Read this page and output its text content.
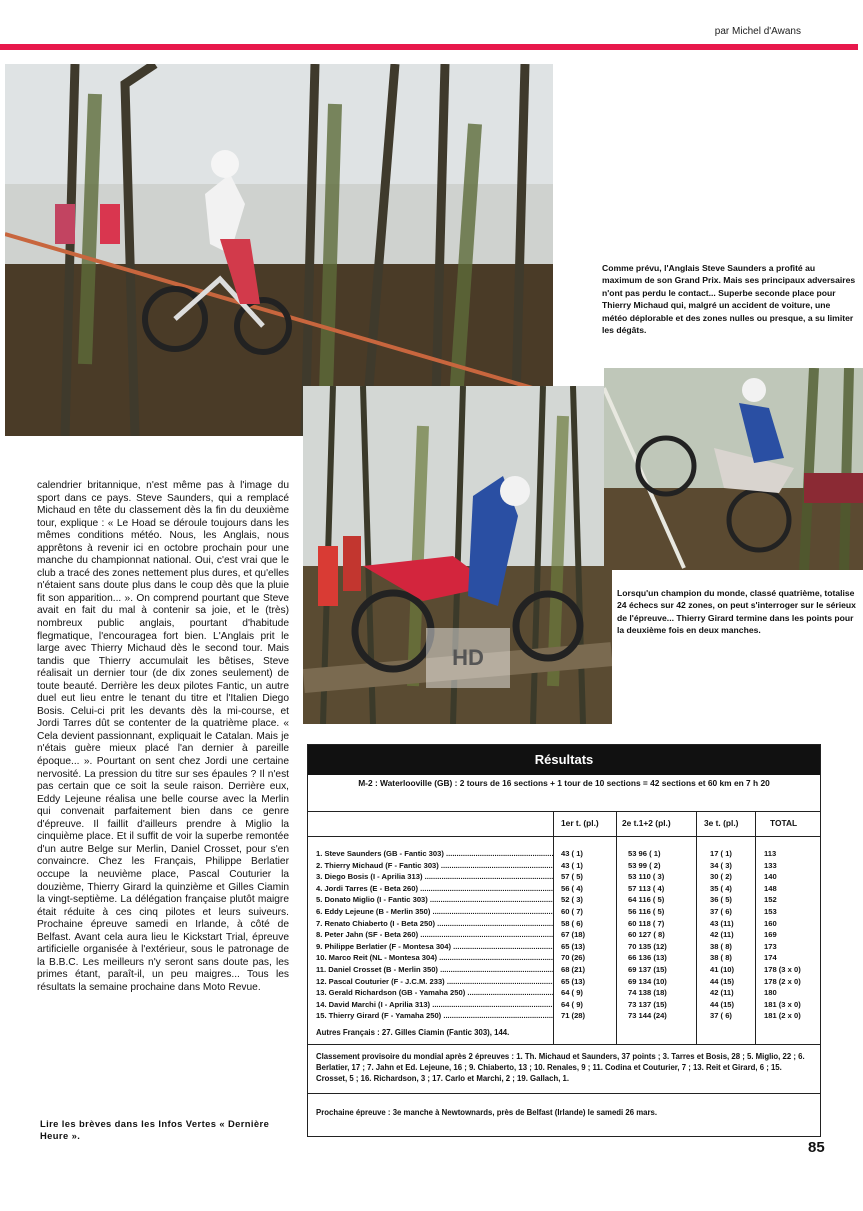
par Michel d'Awans
Comme prévu, l'Anglais Steve Saunders a profité au maximum de son Grand Prix. Mais ses principaux adversaires n'ont pas perdu le contact... Superbe seconde place pour Thierry Michaud qui, malgré un accident de voiture, une météo déplorable et des zones nulles ou presque, a su limiter les dégâts.
HD
Lorsqu'un champion du monde, classé quatrième, totalise 24 échecs sur 42 zones, on peut s'interroger sur le sérieux de l'épreuve... Thierry Girard termine dans les points pour la deuxième fois en deux manches.

calendrier britannique, n'est même pas à l'image du sport dans ce pays. Steve Saunders, qui a remplacé Michaud en tête du classement dès la fin du deuxième tour, explique : « Le Hoad se déroule toujours dans les mêmes conditions météo. Nous, les Anglais, nous apprêtons à revenir ici en octobre prochain pour une manche du championnat national. Oui, c'est vrai que le club a tracé des zones nettement plus dures, et qu'elles n'étaient sans doute plus dans le coup dès que la pluie fit son apparition... ». On comprend pourtant que Steve avait en fait du mal à contenir sa joie, et le (très) nombreux public anglais, pourtant d'habitude flegmatique, l'encouragea fort bien. L'Anglais prit le large avec Thierry Michaud dès le second tour. Mais tandis que Thierry accumulait les bêtises, Steve réalisait un dernier tour (de dix zones seulement) de toute beauté. Derrière les deux pilotes Fantic, un autre duel eut lieu entre le tenant du titre et l'Italien Diego Bosis. Celui-ci prit les devants dès la mi-course, et Jordi Tarres dût se contenter de la quatrième place. « Cela devient passionnant, expliquait le Catalan. Mais je n'étais guère mieux placé l'an dernier à pareille époque... ». Pourtant on sent chez Jordi une certaine nervosité. La pression du titre sur ses épaules ? Il n'est pas certain que ce soit la seule raison. Derrière eux, Eddy Lejeune réalisa une belle course avec la Merlin qui convenait parfaitement bien dans ce genre d'épreuve. Il faillit d'ailleurs prendre à Miglio la cinquième place. Et il suffit de voir la superbe remontée d'un autre Belge sur Merlin, Daniel Crosset, pour s'en convaincre. Chez les Français, Philippe Berlatier occupe la neuvième place, Pascal Couturier la douzième, Thierry Girard la quinzième et Gilles Ciamin la vingt-septième. La délégation française plutôt maigre était réduite à ces cinq pilotes et leurs suiveurs. Prochaine épreuve samedi en Irlande, à côté de Belfast. Avant cela aura lieu le Kickstart Trial, épreuve artificielle organisée à l'extérieur, sous le patronage de la B.B.C. Les meilleurs n'y seront sans doute pas, les primes étant, paraît-il, un peu maigres... Tous les résultats la semaine prochaine dans Moto Revue.

Lire les brèves dans les Infos Vertes « Dernière Heure ».
Résultats
M-2 : Waterlooville (GB) : 2 tours de 16 sections + 1 tour de 10 sections = 42 sections et 60 km en 7 h 20
1er t. (pl.)	2e t.1+2 (pl.)	3e t. (pl.)	TOTAL
1. Steve Saunders (GB - Fantic 303) .....	43 ( 1)	53 96 ( 1)	17 ( 1)	113
2. Thierry Michaud (F - Fantic 303) .....	43 ( 1)	53 99 ( 2)	34 ( 3)	133
3. Diego Bosis (I - Aprilia 313) .....	57 ( 5)	53 110 ( 3)	30 ( 2)	140
4. Jordi Tarres (E - Beta 260) .....	56 ( 4)	57 113 ( 4)	35 ( 4)	148
5. Donato Miglio (I - Fantic 303) .....	52 ( 3)	64 116 ( 5)	36 ( 5)	152
6. Eddy Lejeune (B - Merlin 350) .....	60 ( 7)	56 116 ( 5)	37 ( 6)	153
7. Renato Chiaberto (I - Beta 250) .....	58 ( 6)	60 118 ( 7)	43 (11)	160
8. Peter Jahn (SF - Beta 260) .....	67 (18)	60 127 ( 8)	42 (11)	169
9. Philippe Berlatier (F - Montesa 304) .....	65 (13)	70 135 (12)	38 ( 8)	173
10. Marco Reit (NL - Montesa 304) .....	70 (26)	66 136 (13)	38 ( 8)	174
11. Daniel Crosset (B - Merlin 350) .....	68 (21)	69 137 (15)	41 (10)	178 (3 x 0)
12. Pascal Couturier (F - J.C.M. 233) .....	65 (13)	69 134 (10)	44 (15)	178 (2 x 0)
13. Gerald Richardson (GB - Yamaha 250) .....	64 ( 9)	74 138 (18)	42 (11)	180
14. David Marchi (I - Aprilia 313) .....	64 ( 9)	73 137 (15)	44 (15)	181 (3 x 0)
15. Thierry Girard (F - Yamaha 250) .....	71 (28)	73 144 (24)	37 ( 6)	181 (2 x 0)
Autres Français : 27. Gilles Ciamin (Fantic 303), 144.
Classement provisoire du mondial après 2 épreuves : 1. Th. Michaud et Saunders, 37 points ; 3. Tarres et Bosis, 28 ; 5. Miglio, 22 ; 6. Berlatier, 17 ; 7. Jahn et Ed. Lejeune, 16 ; 9. Chiaberto, 13 ; 10. Renales, 9 ; 11. Codina et Couturier, 7 ; 13. Reit et Girard, 6 ; 15. Crosset, 5 ; 16. Richardson, 3 ; 17. Carlo et Marchi, 2 ; 19. Gallach, 1.
Prochaine épreuve : 3e manche à Newtownards, près de Belfast (Irlande) le samedi 26 mars.
85
